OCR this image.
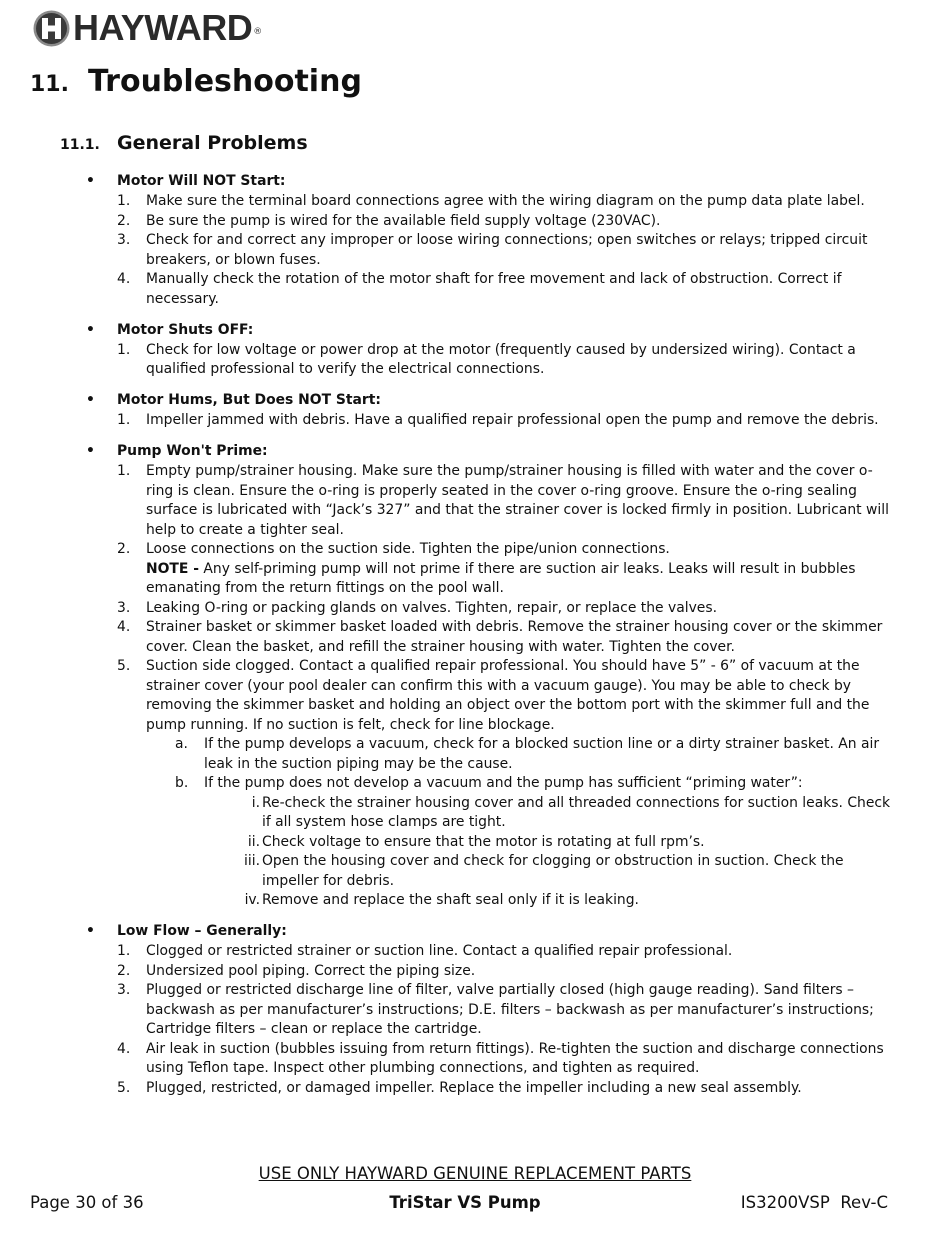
HAYWARD ®
11. Troubleshooting
11.1. General Problems
• Motor Will NOT Start:
1. Make sure the terminal board connections agree with the wiring diagram on the pump data plate label.
2. Be sure the pump is wired for the available field supply voltage (230VAC).
3. Check for and correct any improper or loose wiring connections; open switches or relays; tripped circuit breakers, or blown fuses.
4. Manually check the rotation of the motor shaft for free movement and lack of obstruction. Correct if necessary.
• Motor Shuts OFF:
1. Check for low voltage or power drop at the motor (frequently caused by undersized wiring). Contact a qualified professional to verify the electrical connections.
• Motor Hums, But Does NOT Start:
1. Impeller jammed with debris. Have a qualified repair professional open the pump and remove the debris.
• Pump Won't Prime:
1. Empty pump/strainer housing. Make sure the pump/strainer housing is filled with water and the cover o-ring is clean. Ensure the o-ring is properly seated in the cover o-ring groove. Ensure the o-ring sealing surface is lubricated with “Jack’s 327” and that the strainer cover is locked firmly in position. Lubricant will help to create a tighter seal.
2. Loose connections on the suction side. Tighten the pipe/union connections.
NOTE - Any self-priming pump will not prime if there are suction air leaks. Leaks will result in bubbles emanating from the return fittings on the pool wall.
3. Leaking O-ring or packing glands on valves. Tighten, repair, or replace the valves.
4. Strainer basket or skimmer basket loaded with debris. Remove the strainer housing cover or the skimmer cover. Clean the basket, and refill the strainer housing with water. Tighten the cover.
5. Suction side clogged. Contact a qualified repair professional. You should have 5” - 6” of vacuum at the strainer cover (your pool dealer can confirm this with a vacuum gauge). You may be able to check by removing the skimmer basket and holding an object over the bottom port with the skimmer full and the pump running. If no suction is felt, check for line blockage.
a. If the pump develops a vacuum, check for a blocked suction line or a dirty strainer basket. An air leak in the suction piping may be the cause.
b. If the pump does not develop a vacuum and the pump has sufficient “priming water”:
i. Re-check the strainer housing cover and all threaded connections for suction leaks. Check if all system hose clamps are tight.
ii. Check voltage to ensure that the motor is rotating at full rpm’s.
iii. Open the housing cover and check for clogging or obstruction in suction. Check the impeller for debris.
iv. Remove and replace the shaft seal only if it is leaking.
• Low Flow – Generally:
1. Clogged or restricted strainer or suction line. Contact a qualified repair professional.
2. Undersized pool piping. Correct the piping size.
3. Plugged or restricted discharge line of filter, valve partially closed (high gauge reading). Sand filters – backwash as per manufacturer’s instructions; D.E. filters – backwash as per manufacturer’s instructions; Cartridge filters – clean or replace the cartridge.
4. Air leak in suction (bubbles issuing from return fittings). Re-tighten the suction and discharge connections using Teflon tape. Inspect other plumbing connections, and tighten as required.
5. Plugged, restricted, or damaged impeller. Replace the impeller including a new seal assembly.
USE ONLY HAYWARD GENUINE REPLACEMENT PARTS
Page 30 of 36	TriStar VS Pump	IS3200VSP  Rev-C
